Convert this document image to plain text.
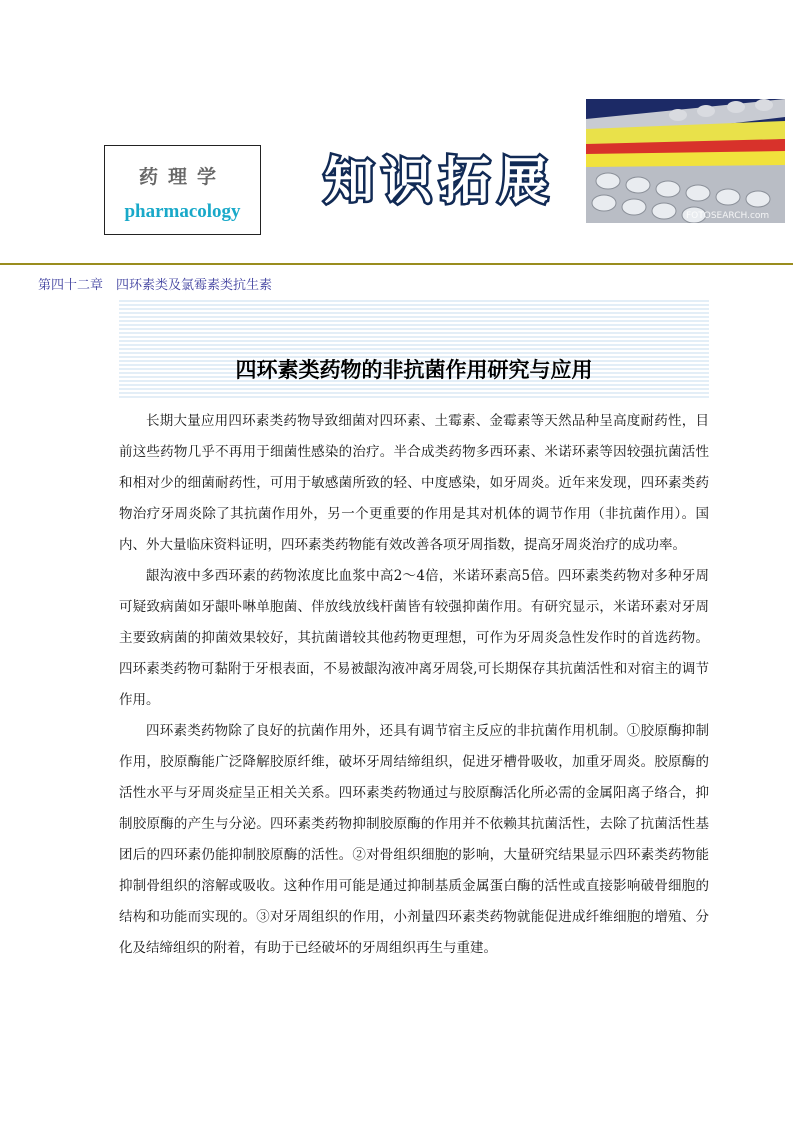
药理学
pharmacology
知识拓展
FOTOSEARCH.com
第四十二章　四环素类及氯霉素类抗生素
四环素类药物的非抗菌作用研究与应用

长期大量应用四环素类药物导致细菌对四环素、土霉素、金霉素等天然品种呈高度耐药性，目前这些药物几乎不再用于细菌性感染的治疗。半合成类药物多西环素、米诺环素等因较强抗菌活性和相对少的细菌耐药性，可用于敏感菌所致的轻、中度感染，如牙周炎。近年来发现，四环素类药物治疗牙周炎除了其抗菌作用外，另一个更重要的作用是其对机体的调节作用（非抗菌作用）。国内、外大量临床资料证明，四环素类药物能有效改善各项牙周指数，提高牙周炎治疗的成功率。

龈沟液中多西环素的药物浓度比血浆中高2～4倍，米诺环素高5倍。四环素类药物对多种牙周可疑致病菌如牙龈卟啉单胞菌、伴放线放线杆菌皆有较强抑菌作用。有研究显示，米诺环素对牙周主要致病菌的抑菌效果较好，其抗菌谱较其他药物更理想，可作为牙周炎急性发作时的首选药物。四环素类药物可黏附于牙根表面，不易被龈沟液冲离牙周袋,可长期保存其抗菌活性和对宿主的调节作用。

四环素类药物除了良好的抗菌作用外，还具有调节宿主反应的非抗菌作用机制。①胶原酶抑制作用，胶原酶能广泛降解胶原纤维，破坏牙周结缔组织，促进牙槽骨吸收，加重牙周炎。胶原酶的活性水平与牙周炎症呈正相关关系。四环素类药物通过与胶原酶活化所必需的金属阳离子络合，抑制胶原酶的产生与分泌。四环素类药物抑制胶原酶的作用并不依赖其抗菌活性，去除了抗菌活性基团后的四环素仍能抑制胶原酶的活性。②对骨组织细胞的影响，大量研究结果显示四环素类药物能抑制骨组织的溶解或吸收。这种作用可能是通过抑制基质金属蛋白酶的活性或直接影响破骨细胞的结构和功能而实现的。③对牙周组织的作用，小剂量四环素类药物就能促进成纤维细胞的增殖、分化及结缔组织的附着，有助于已经破坏的牙周组织再生与重建。
